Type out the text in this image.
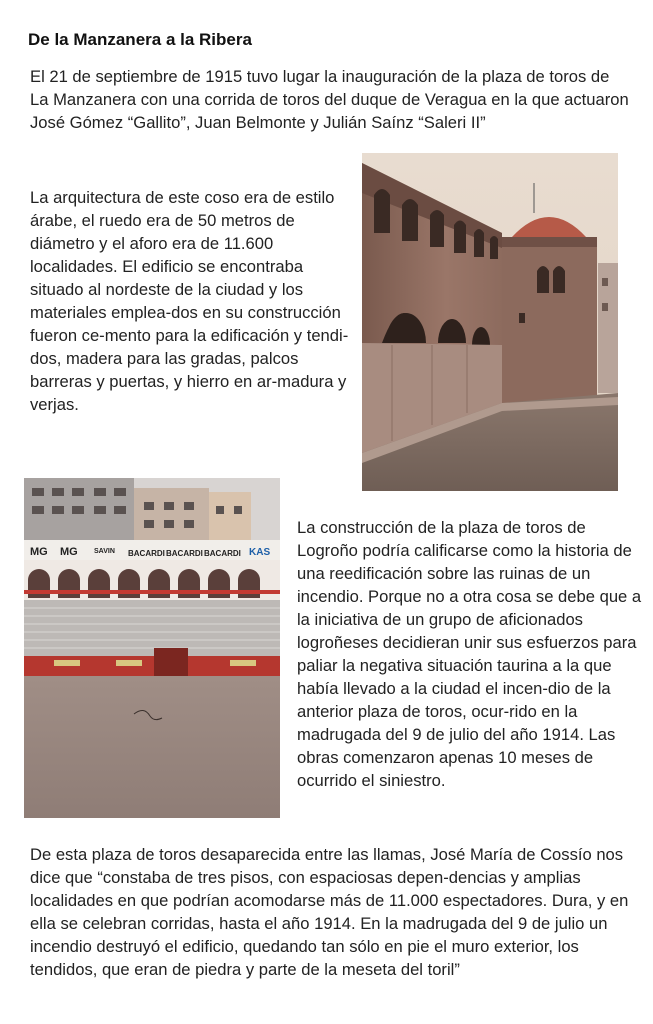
De la Manzanera a la Ribera

El 21 de septiembre de 1915 tuvo lugar la inauguración de la plaza de toros de La Manzanera con una corrida de toros del duque de Veragua en la que actuaron José Gómez “Gallito”, Juan Belmonte y Julián Saínz “Saleri II”

La arquitectura de este coso era de estilo árabe, el ruedo era de 50 metros de diámetro y el aforo era de 11.600 localidades. El edificio se encontraba situado al nordeste de la ciudad y los materiales emplea-dos en su construcción fueron ce-mento para la edificación y tendi-dos, madera para las gradas, palcos barreras y puertas, y hierro en ar-madura y verjas.

MG MG SAVIN BACARDI BACARDI BACARDI KAS

La construcción de la plaza de toros de Logroño podría calificarse como la historia de una reedificación sobre las ruinas de un incendio. Porque no a otra cosa se debe que a la iniciativa de un grupo de aficionados logroñeses decidieran unir sus esfuerzos para paliar la negativa situación taurina a la que había llevado a la ciudad el incen-dio de la anterior plaza de toros, ocur-rido en la madrugada del 9 de julio del año 1914. Las obras comenzaron apenas 10 meses de ocurrido el siniestro.

De esta plaza de toros desaparecida entre las llamas, José María de Cossío nos dice que “constaba de tres pisos, con espaciosas depen-dencias y amplias localidades en que podrían acomodarse más de 11.000 espectadores. Dura, y en ella se celebran corridas, hasta el año 1914. En la madrugada del 9 de julio un incendio destruyó el edificio, quedando tan sólo en pie el muro exterior, los tendidos, que eran de piedra y parte de la meseta del toril”
